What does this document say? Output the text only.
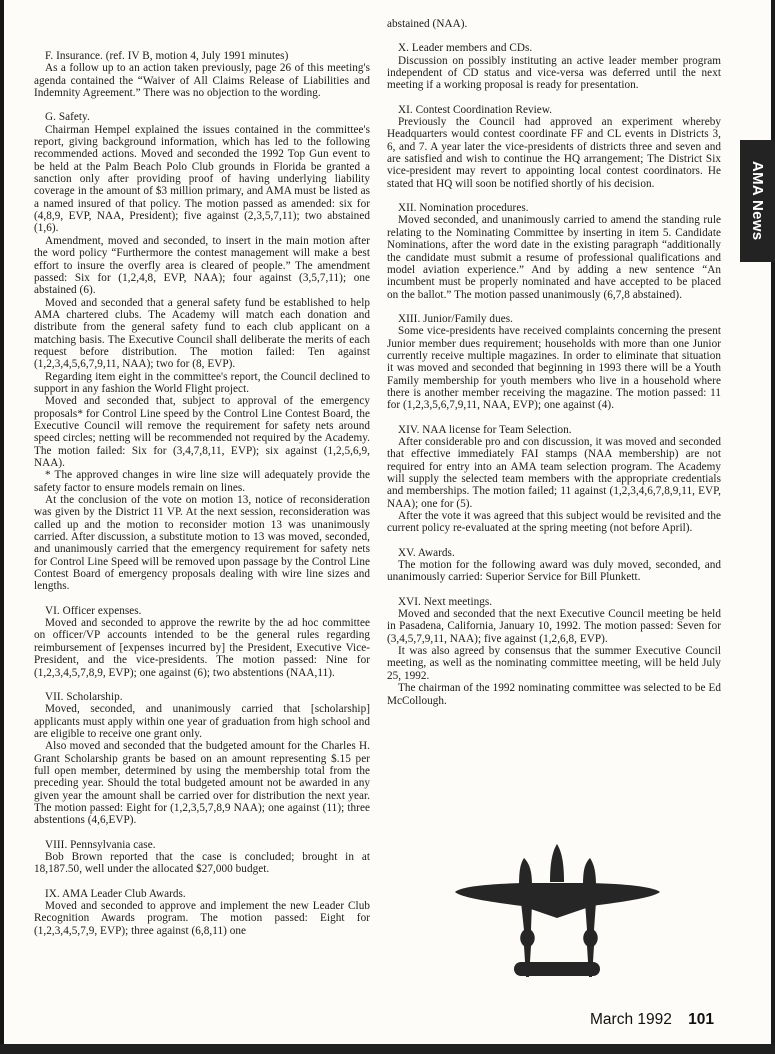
F. Insurance. (ref. IV B, motion 4, July 1991 minutes)

As a follow up to an action taken previously, page 26 of this meeting's agenda contained the “Waiver of All Claims Release of Liabilities and Indemnity Agreement.” There was no objection to the wording.

G. Safety.

Chairman Hempel explained the issues contained in the committee's report, giving background information, which has led to the following recommended actions. Moved and seconded the 1992 Top Gun event to be held at the Palm Beach Polo Club grounds in Florida be granted a sanction only after providing proof of having underlying liability coverage in the amount of $3 million primary, and AMA must be listed as a named insured of that policy. The motion passed as amended: six for (4,8,9, EVP, NAA, President); five against (2,3,5,7,11); two abstained (1,6).

Amendment, moved and seconded, to insert in the main motion after the word policy “Furthermore the contest management will make a best effort to insure the overfly area is cleared of people.” The amendment passed: Six for (1,2,4,8, EVP, NAA); four against (3,5,7,11); one abstained (6).

Moved and seconded that a general safety fund be established to help AMA chartered clubs. The Academy will match each donation and distribute from the general safety fund to each club applicant on a matching basis. The Executive Council shall deliberate the merits of each request before distribution. The motion failed: Ten against (1,2,3,4,5,6,7,9,11, NAA); two for (8, EVP).

Regarding item eight in the committee's report, the Council declined to support in any fashion the World Flight project.

Moved and seconded that, subject to approval of the emergency proposals* for Control Line speed by the Control Line Contest Board, the Executive Council will remove the requirement for safety nets around speed circles; netting will be recommended not required by the Academy. The motion failed: Six for (3,4,7,8,11, EVP); six against (1,2,5,6,9, NAA).

* The approved changes in wire line size will adequately provide the safety factor to ensure models remain on lines.

At the conclusion of the vote on motion 13, notice of reconsideration was given by the District 11 VP. At the next session, reconsideration was called up and the motion to reconsider motion 13 was unanimously carried. After discussion, a substitute motion to 13 was moved, seconded, and unanimously carried that the emergency requirement for safety nets for Control Line Speed will be removed upon passage by the Control Line Contest Board of emergency proposals dealing with wire line sizes and lengths.

VI. Officer expenses.

Moved and seconded to approve the rewrite by the ad hoc committee on officer/VP accounts intended to be the general rules regarding reimbursement of [expenses incurred by] the President, Executive Vice-President, and the vice-presidents. The motion passed: Nine for (1,2,3,4,5,7,8,9, EVP); one against (6); two abstentions (NAA,11).

VII. Scholarship.

Moved, seconded, and unanimously carried that [scholarship] applicants must apply within one year of graduation from high school and are eligible to receive one grant only.

Also moved and seconded that the budgeted amount for the Charles H. Grant Scholarship grants be based on an amount representing $.15 per full open member, determined by using the membership total from the preceding year. Should the total budgeted amount not be awarded in any given year the amount shall be carried over for distribution the next year. The motion passed: Eight for (1,2,3,5,7,8,9 NAA); one against (11); three abstentions (4,6,EVP).

VIII. Pennsylvania case.

Bob Brown reported that the case is concluded; brought in at 18,187.50, well under the allocated $27,000 budget.

IX. AMA Leader Club Awards.

Moved and seconded to approve and implement the new Leader Club Recognition Awards program. The motion passed: Eight for (1,2,3,4,5,7,9, EVP); three against (6,8,11) one

abstained (NAA).

X. Leader members and CDs.

Discussion on possibly instituting an active leader member program independent of CD status and vice-versa was deferred until the next meeting if a working proposal is ready for presentation.

XI. Contest Coordination Review.

Previously the Council had approved an experiment whereby Headquarters would contest coordinate FF and CL events in Districts 3, 6, and 7. A year later the vice-presidents of districts three and seven and are satisfied and wish to continue the HQ arrangement; The District Six vice-president may revert to appointing local contest coordinators. He stated that HQ will soon be notified shortly of his decision.

XII. Nomination procedures.

Moved seconded, and unanimously carried to amend the standing rule relating to the Nominating Committee by inserting in item 5. Candidate Nominations, after the word date in the existing paragraph “additionally the candidate must submit a resume of professional qualifications and model aviation experience.” And by adding a new sentence “An incumbent must be properly nominated and have accepted to be placed on the ballot.” The motion passed unanimously (6,7,8 abstained).

XIII. Junior/Family dues.

Some vice-presidents have received complaints concerning the present Junior member dues requirement; households with more than one Junior currently receive multiple magazines. In order to eliminate that situation it was moved and seconded that beginning in 1993 there will be a Youth Family membership for youth members who live in a household where there is another member receiving the magazine. The motion passed: 11 for (1,2,3,5,6,7,9,11, NAA, EVP); one against (4).

XIV. NAA license for Team Selection.

After considerable pro and con discussion, it was moved and seconded that effective immediately FAI stamps (NAA membership) are not required for entry into an AMA team selection program. The Academy will supply the selected team members with the appropriate credentials and memberships. The motion failed; 11 against (1,2,3,4,6,7,8,9,11, EVP, NAA); one for (5).

After the vote it was agreed that this subject would be revisited and the current policy re-evaluated at the spring meeting (not before April).

XV. Awards.

The motion for the following award was duly moved, seconded, and unanimously carried: Superior Service for Bill Plunkett.

XVI. Next meetings.

Moved and seconded that the next Executive Council meeting be held in Pasadena, California, January 10, 1992. The motion passed: Seven for (3,4,5,7,9,11, NAA); five against (1,2,6,8, EVP).

It was also agreed by consensus that the summer Executive Council meeting, as well as the nominating committee meeting, will be held July 25, 1992.

The chairman of the 1992 nominating committee was selected to be Ed McCollough.

AMA News
March 1992 101
